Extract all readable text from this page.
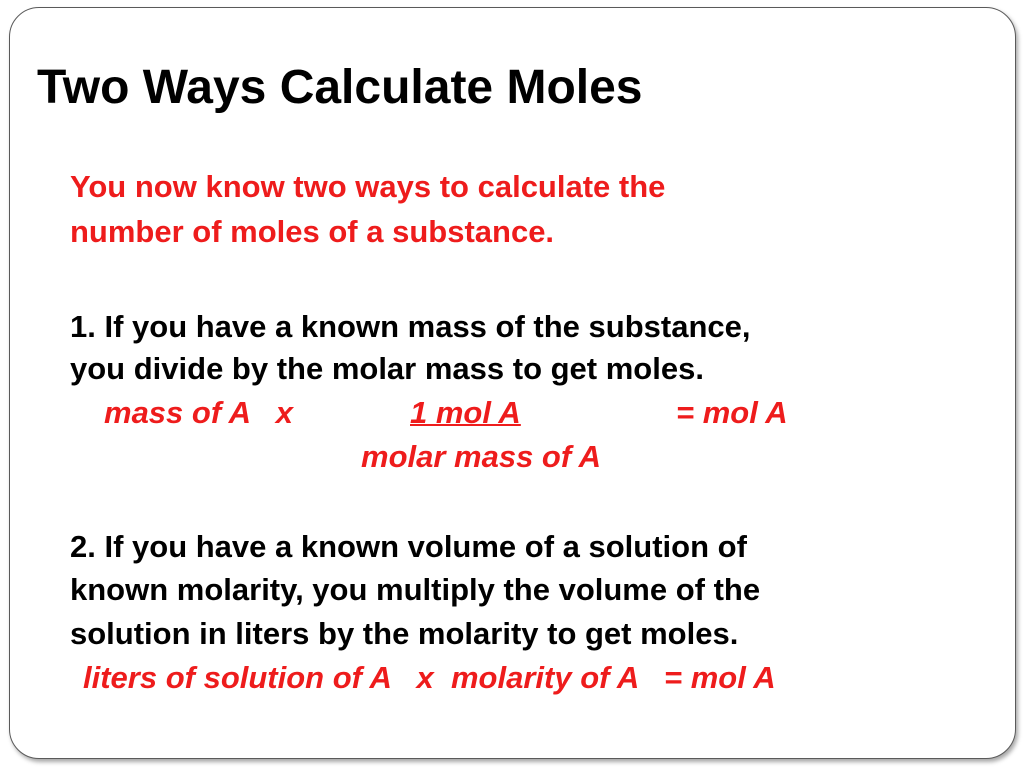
Two Ways Calculate Moles
You now know two ways to calculate the
number of moles of a substance.
1. If you have a known mass of the substance,
you divide by the molar mass to get moles.
mass of A   x	1 mol A	= mol A
molar mass of A
2. If you have a known volume of a solution of
known molarity, you multiply the volume of the
solution in liters by the molarity to get moles.
liters of solution of A   x  molarity of A   = mol A
